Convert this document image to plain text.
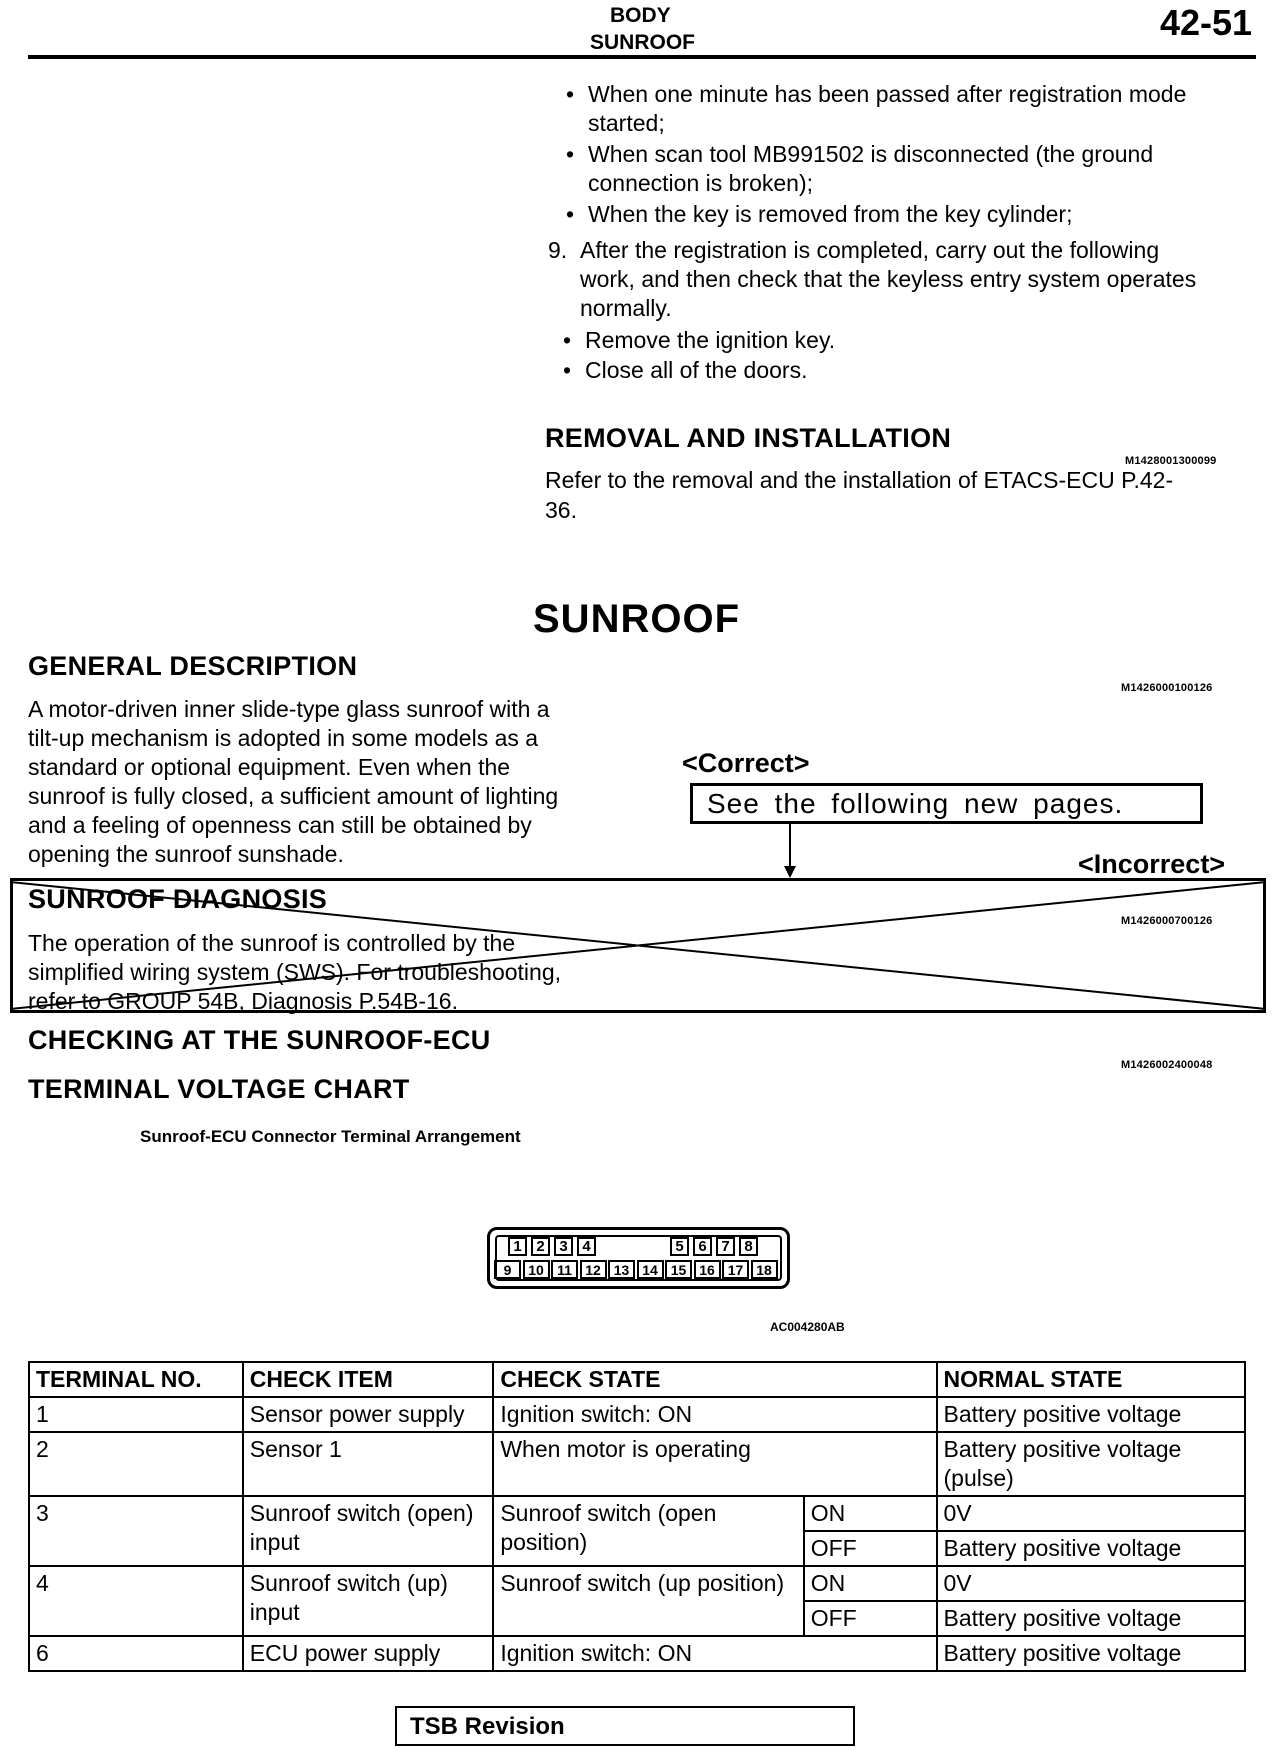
BODY
SUNROOF	42-51
• When one minute has been passed after registration mode
started;
• When scan tool MB991502 is disconnected (the ground
connection is broken);
• When the key is removed from the key cylinder;
9. After the registration is completed, carry out the following
work, and then check that the keyless entry system operates
normally.
• Remove the ignition key.
• Close all of the doors.
REMOVAL AND INSTALLATION
M1428001300099
Refer to the removal and the installation of ETACS-ECU P.42-
36.
SUNROOF
GENERAL DESCRIPTION
M1426000100126
A motor-driven inner slide-type glass sunroof with a
tilt-up mechanism is adopted in some models as a
standard or optional equipment. Even when the
sunroof is fully closed, a sufficient amount of lighting
and a feeling of openness can still be obtained by
opening the sunroof sunshade.
<Correct>
See the following new pages.
<Incorrect>
SUNROOF DIAGNOSIS
M1426000700126
The operation of the sunroof is controlled by the
simplified wiring system (SWS). For troubleshooting,
refer to GROUP 54B, Diagnosis P.54B-16.
CHECKING AT THE SUNROOF-ECU
M1426002400048
TERMINAL VOLTAGE CHART
Sunroof-ECU Connector Terminal Arrangement
1 2 3 4	5 6 7 8
9	10 11 12 13 14 15 16 17 18
AC004280AB
TERMINAL NO.	CHECK ITEM	CHECK STATE		NORMAL STATE
1	Sensor power supply	Ignition switch: ON		Battery positive voltage
2	Sensor 1	When motor is operating		Battery positive voltage (pulse)
3	Sunroof switch (open) input	Sunroof switch (open position)	ON	0V
			OFF	Battery positive voltage
4	Sunroof switch (up) input	Sunroof switch (up position)	ON	0V
			OFF	Battery positive voltage
6	ECU power supply	Ignition switch: ON		Battery positive voltage
TSB Revision
